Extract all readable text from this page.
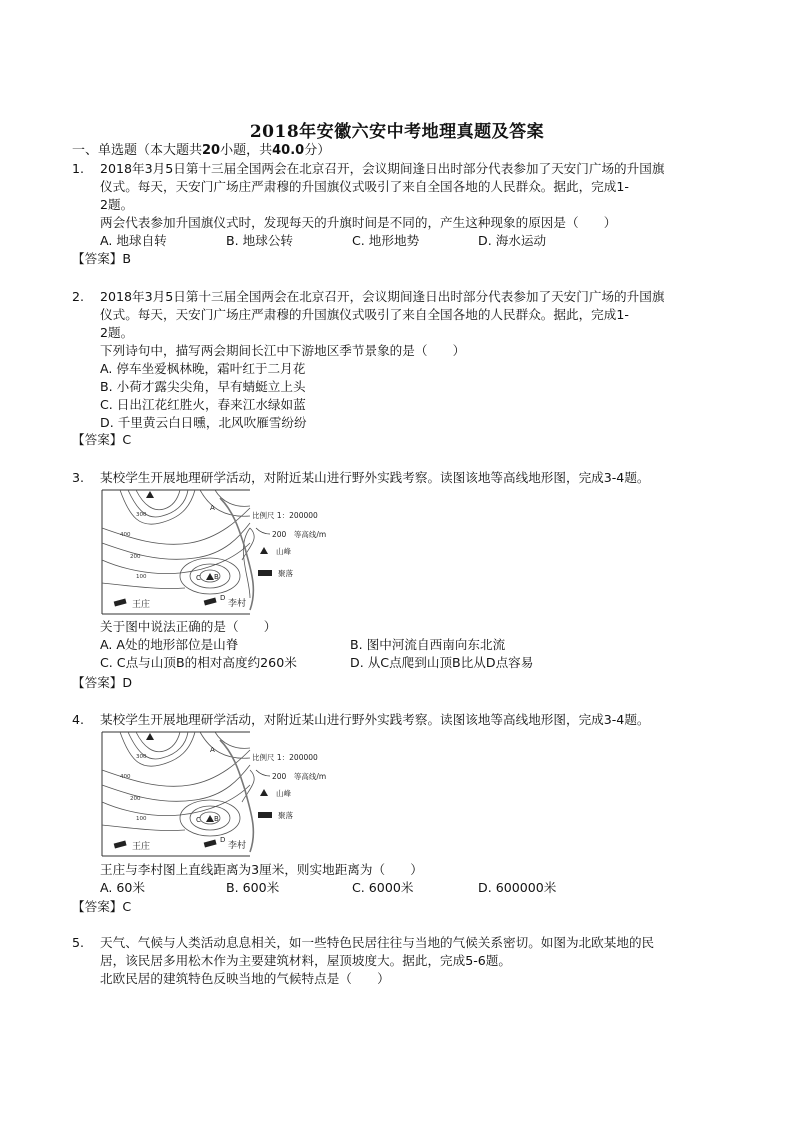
2018年安徽六安中考地理真题及答案
一、单选题（本大题共20小题，共40.0分）
1.	2018年3月5日第十三届全国两会在北京召开，会议期间逢日出时部分代表参加了天安门广场的升国旗
仪式。每天，天安门广场庄严肃穆的升国旗仪式吸引了来自全国各地的人民群众。据此，完成1-
2题。
两会代表参加升国旗仪式时，发现每天的升旗时间是不同的，产生这种现象的原因是（　　）
A. 地球自转	B. 地球公转	C. 地形地势	D. 海水运动
【答案】B
2.	2018年3月5日第十三届全国两会在北京召开，会议期间逢日出时部分代表参加了天安门广场的升国旗
仪式。每天，天安门广场庄严肃穆的升国旗仪式吸引了来自全国各地的人民群众。据此，完成1-
2题。
下列诗句中，描写两会期间长江中下游地区季节景象的是（　　）
A. 停车坐爱枫林晚，霜叶红于二月花
B. 小荷才露尖尖角，早有蜻蜓立上头
C. 日出江花红胜火，春来江水绿如蓝
D. 千里黄云白日曛，北风吹雁雪纷纷
【答案】C
3.	某校学生开展地理研学活动，对附近某山进行野外实践考察。读图该地等高线地形图，完成3-4题。
A
B
C
D
300
200
100
400
王庄	李村
比例尺 1：200000
200　等高线/m
山峰
聚落
关于图中说法正确的是（　　）
A. A处的地形部位是山脊	B. 图中河流自西南向东北流
C. C点与山顶B的相对高度约260米	D. 从C点爬到山顶B比从D点容易
【答案】D
4.	某校学生开展地理研学活动，对附近某山进行野外实践考察。读图该地等高线地形图，完成3-4题。
A
B
C
D
300
200
100
400
王庄	李村
比例尺 1：200000
200　等高线/m
山峰
聚落
王庄与李村图上直线距离为3厘米，则实地距离为（　　）
A. 60米	B. 600米	C. 6000米	D. 600000米
【答案】C
5.	天气、气候与人类活动息息相关，如一些特色民居往往与当地的气候关系密切。如图为北欧某地的民
居，该民居多用松木作为主要建筑材料，屋顶坡度大。据此，完成5-6题。
北欧民居的建筑特色反映当地的气候特点是（　　）
